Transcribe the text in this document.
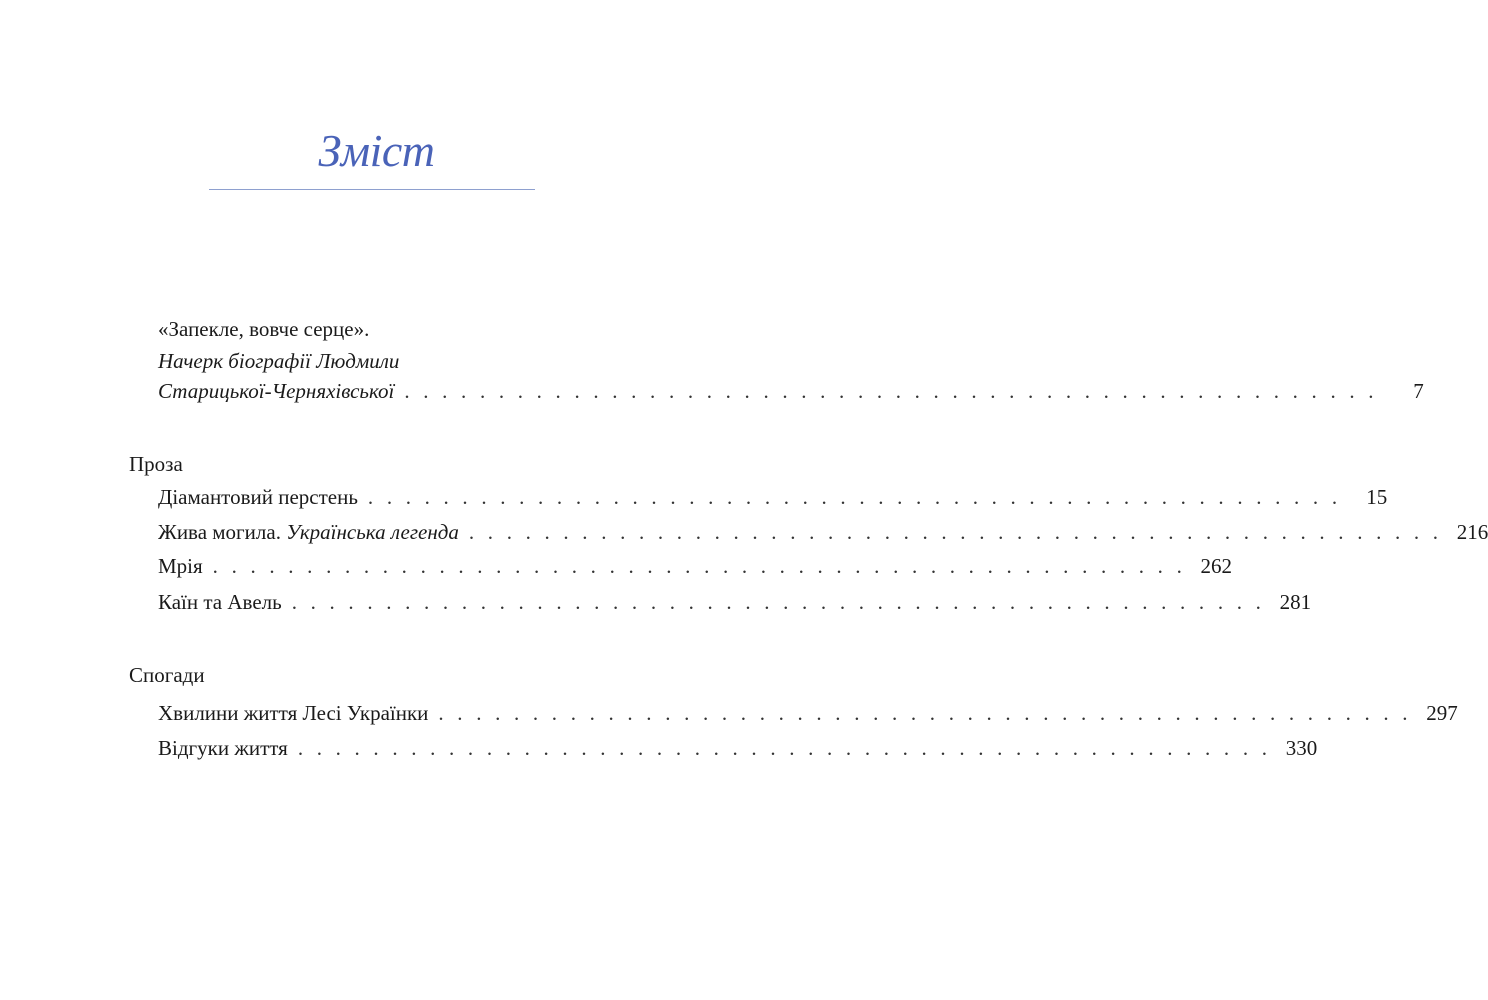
Зміст
«Запекле, вовче серце».
Начерк біографії Людмили
Старицької-Черняхівської . . . . . . . . . . . . . . . . . . . . . . . . . . . . . . . . . . . . . . . . . . . . . . . . . . . .	7
Проза
Діамантовий перстень . . . . . . . . . . . . . . . . . . . . . . . . . . . . . . . . . . . . . . . . . . . . . . . . . . . .	15
Жива могила. Українська легенда . . . . . . . . . . . . . . . . . . . . . . . . . . . . . . . . . . . . . . . . . . . . . . . . . . . . 216
Мрія . . . . . . . . . . . . . . . . . . . . . . . . . . . . . . . . . . . . . . . . . . . . . . . . . . . . 262
Каїн та Авель . . . . . . . . . . . . . . . . . . . . . . . . . . . . . . . . . . . . . . . . . . . . . . . . . . . . 281
Спогади
Хвилини життя Лесі Українки . . . . . . . . . . . . . . . . . . . . . . . . . . . . . . . . . . . . . . . . . . . . . . . . . . . . 297
Відгуки життя . . . . . . . . . . . . . . . . . . . . . . . . . . . . . . . . . . . . . . . . . . . . . . . . . . . . 330
